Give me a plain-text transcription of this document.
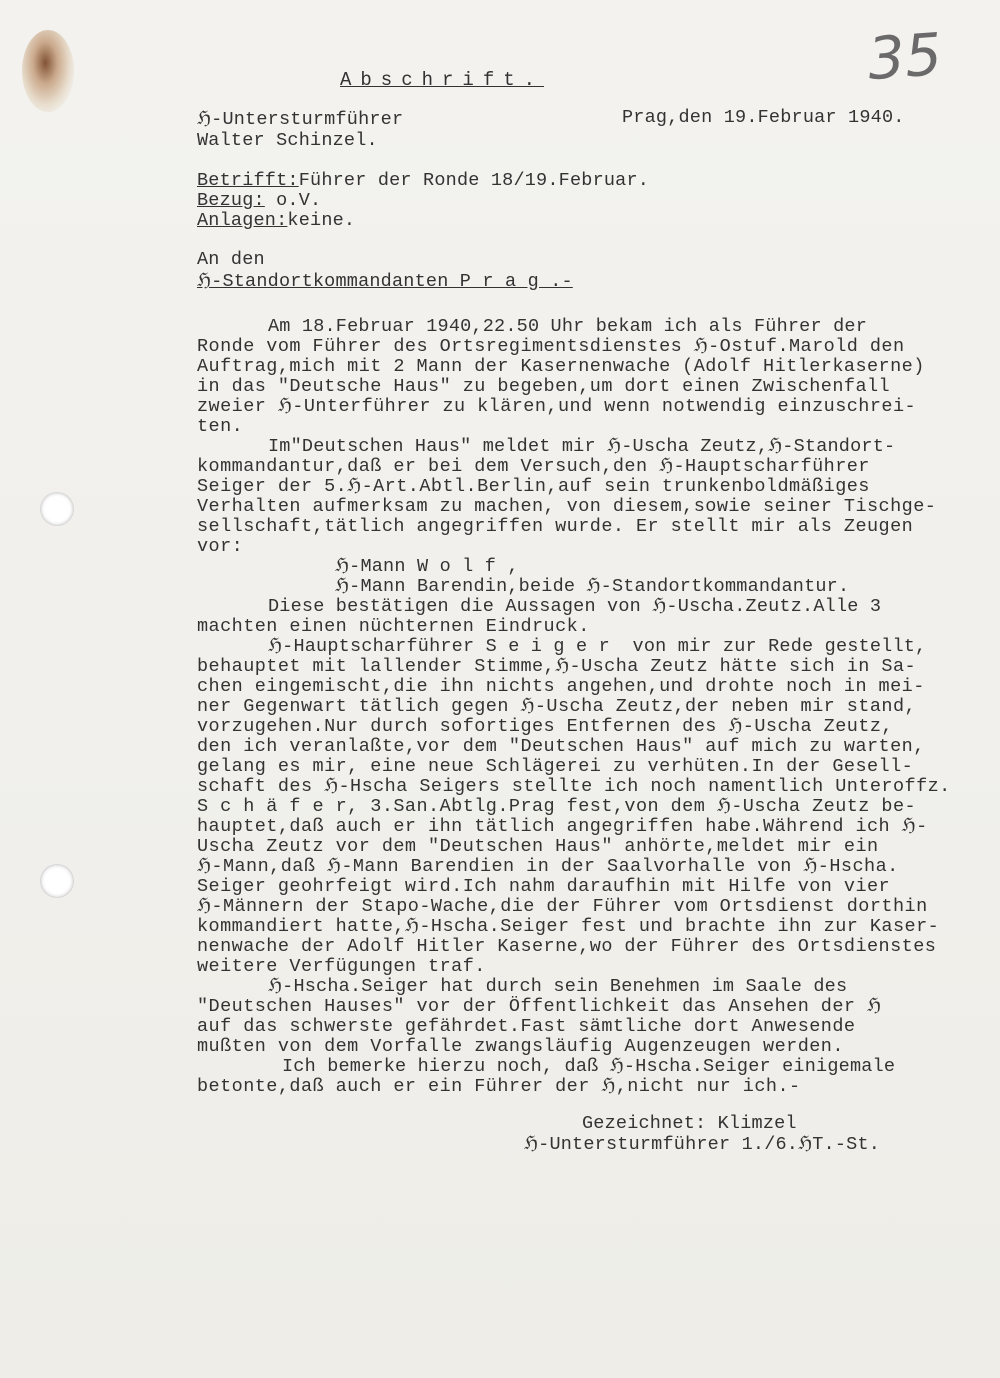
35
Abschrift.
ℌ-Untersturmführer
Walter Schinzel.
Prag,den 19.Februar 1940.
Betrifft:Führer der Ronde 18/19.Februar.
Bezug: o.V.
Anlagen:keine.
An den
ℌ-Standortkommandanten P r a g .-
Am 18.Februar 1940,22.50 Uhr bekam ich als Führer der
Ronde vom Führer des Ortsregimentsdienstes ℌ-Ostuf.Marold den
Auftrag,mich mit 2 Mann der Kasernenwache (Adolf Hitlerkaserne)
in das "Deutsche Haus" zu begeben,um dort einen Zwischenfall
zweier ℌ-Unterführer zu klären,und wenn notwendig einzuschrei-
ten.
Im"Deutschen Haus" meldet mir ℌ-Uscha Zeutz,ℌ-Standort-
kommandantur,daß er bei dem Versuch,den ℌ-Hauptscharführer
Seiger der 5.ℌ-Art.Abtl.Berlin,auf sein trunkenboldmäßiges
Verhalten aufmerksam zu machen, von diesem,sowie seiner Tischge-
sellschaft,tätlich angegriffen wurde. Er stellt mir als Zeugen
vor:
ℌ-Mann W o l f ,
ℌ-Mann Barendin,beide ℌ-Standortkommandantur.
Diese bestätigen die Aussagen von ℌ-Uscha.Zeutz.Alle 3
machten einen nüchternen Eindruck.
ℌ-Hauptscharführer S e i g e r  von mir zur Rede gestellt,
behauptet mit lallender Stimme,ℌ-Uscha Zeutz hätte sich in Sa-
chen eingemischt,die ihn nichts angehen,und drohte noch in mei-
ner Gegenwart tätlich gegen ℌ-Uscha Zeutz,der neben mir stand,
vorzugehen.Nur durch sofortiges Entfernen des ℌ-Uscha Zeutz,
den ich veranlaßte,vor dem "Deutschen Haus" auf mich zu warten,
gelang es mir, eine neue Schlägerei zu verhüten.In der Gesell-
schaft des ℌ-Hscha Seigers stellte ich noch namentlich Unteroffz.
S c h ä f e r, 3.San.Abtlg.Prag fest,von dem ℌ-Uscha Zeutz be-
hauptet,daß auch er ihn tätlich angegriffen habe.Während ich ℌ-
Uscha Zeutz vor dem "Deutschen Haus" anhörte,meldet mir ein
ℌ-Mann,daß ℌ-Mann Barendien in der Saalvorhalle von ℌ-Hscha.
Seiger geohrfeigt wird.Ich nahm daraufhin mit Hilfe von vier
ℌ-Männern der Stapo-Wache,die der Führer vom Ortsdienst dorthin
kommandiert hatte,ℌ-Hscha.Seiger fest und brachte ihn zur Kaser-
nenwache der Adolf Hitler Kaserne,wo der Führer des Ortsdienstes
weitere Verfügungen traf.
ℌ-Hscha.Seiger hat durch sein Benehmen im Saale des
"Deutschen Hauses" vor der Öffentlichkeit das Ansehen der ℌ
auf das schwerste gefährdet.Fast sämtliche dort Anwesende
mußten von dem Vorfalle zwangsläufig Augenzeugen werden.
Ich bemerke hierzu noch, daß ℌ-Hscha.Seiger einigemale
betonte,daß auch er ein Führer der ℌ,nicht nur ich.-
Gezeichnet: Klimzel
ℌ-Untersturmführer 1./6.ℌT.-St.
